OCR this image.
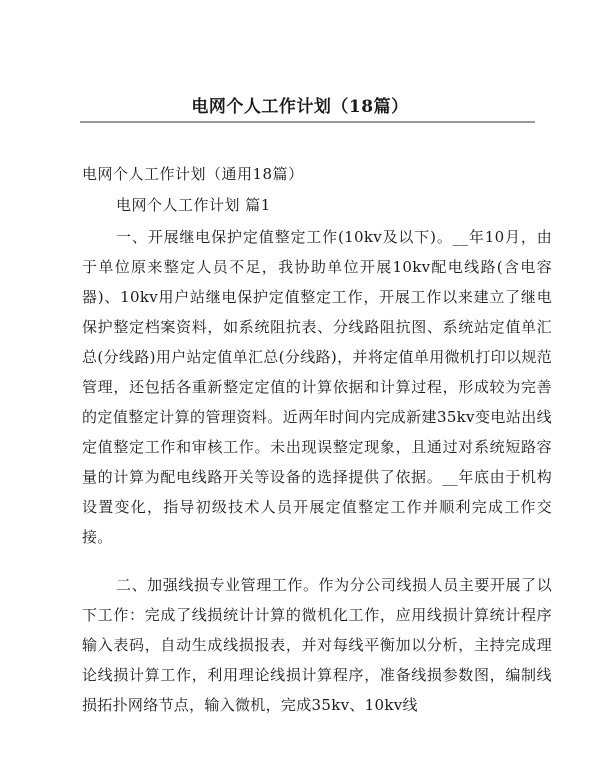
电网个人工作计划（18篇）
电网个人工作计划（通用18篇）
电网个人工作计划 篇1

一、开展继电保护定值整定工作(10kv及以下)。__年10月，由于单位原来整定人员不足，我协助单位开展10kv配电线路(含电容器)、10kv用户站继电保护定值整定工作，开展工作以来建立了继电保护整定档案资料，如系统阻抗表、分线路阻抗图、系统站定值单汇总(分线路)用户站定值单汇总(分线路)，并将定值单用微机打印以规范管理，还包括各重新整定定值的计算依据和计算过程，形成较为完善的定值整定计算的管理资料。近两年时间内完成新建35kv变电站出线定值整定工作和审核工作。未出现误整定现象，且通过对系统短路容量的计算为配电线路开关等设备的选择提供了依据。__年底由于机构设置变化，指导初级技术人员开展定值整定工作并顺利完成工作交接。

二、加强线损专业管理工作。作为分公司线损人员主要开展了以下工作：完成了线损统计计算的微机化工作，应用线损计算统计程序输入表码，自动生成线损报表，并对每线平衡加以分析，主持完成理论线损计算工作，利用理论线损计算程序，准备线损参数图，编制线损拓扑网络节点，输入微机，完成35kv、10kv线
